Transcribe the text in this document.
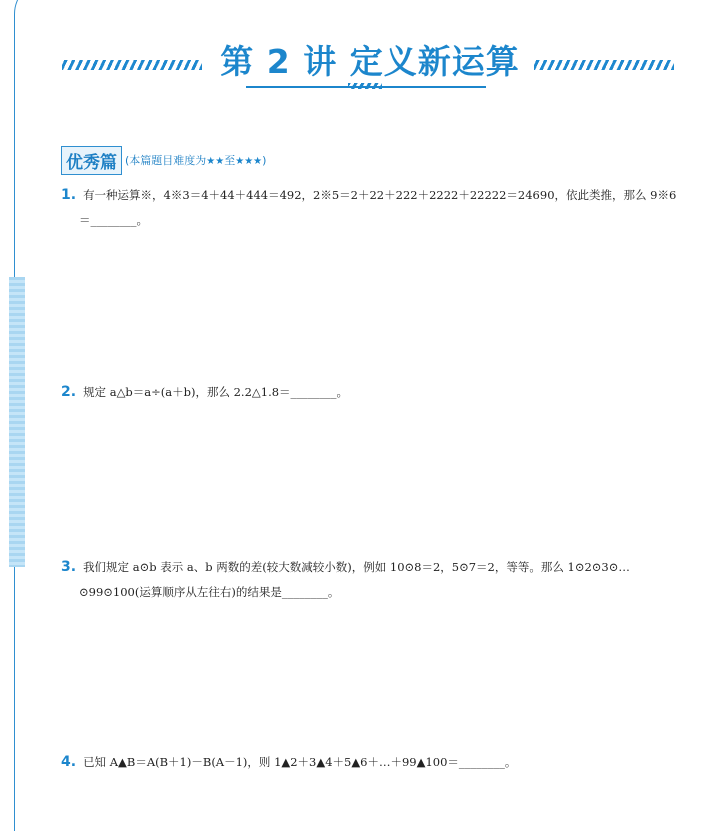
第 2 讲 定义新运算
优秀篇 (本篇题目难度为★★至★★★)
1. 有一种运算※，4※3＝4＋44＋444＝492，2※5＝2＋22＋222＋2222＋22222＝24690，依此类推，那么 9※6
＝________。
2. 规定 a△b＝a÷(a＋b)，那么 2.2△1.8＝________。
3. 我们规定 a⊙b 表示 a、b 两数的差(较大数减较小数)，例如 10⊙8＝2，5⊙7＝2，等等。那么 1⊙2⊙3⊙…
⊙99⊙100(运算顺序从左往右)的结果是________。
4. 已知 A▲B＝A(B＋1)－B(A－1)，则 1▲2＋3▲4＋5▲6＋…＋99▲100＝________。
